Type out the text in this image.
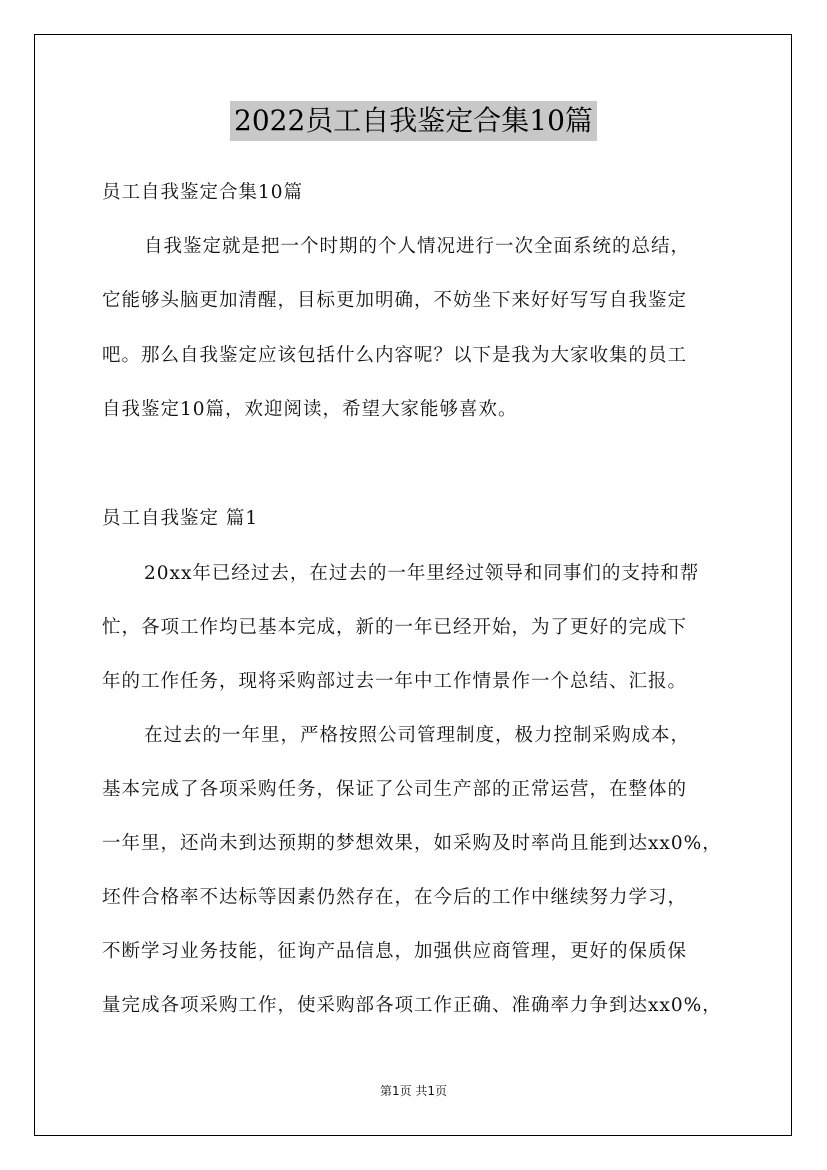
2022员工自我鉴定合集10篇
员工自我鉴定合集10篇
自我鉴定就是把一个时期的个人情况进行一次全面系统的总结，
它能够头脑更加清醒，目标更加明确，不妨坐下来好好写写自我鉴定
吧。那么自我鉴定应该包括什么内容呢？以下是我为大家收集的员工
自我鉴定10篇，欢迎阅读，希望大家能够喜欢。
员工自我鉴定 篇1
20xx年已经过去，在过去的一年里经过领导和同事们的支持和帮
忙，各项工作均已基本完成，新的一年已经开始，为了更好的完成下
年的工作任务，现将采购部过去一年中工作情景作一个总结、汇报。
在过去的一年里，严格按照公司管理制度，极力控制采购成本，
基本完成了各项采购任务，保证了公司生产部的正常运营，在整体的
一年里，还尚未到达预期的梦想效果，如采购及时率尚且能到达xx0%，
坯件合格率不达标等因素仍然存在，在今后的工作中继续努力学习，
不断学习业务技能，征询产品信息，加强供应商管理，更好的保质保
量完成各项采购工作，使采购部各项工作正确、准确率力争到达xx0%，
第1页 共1页
